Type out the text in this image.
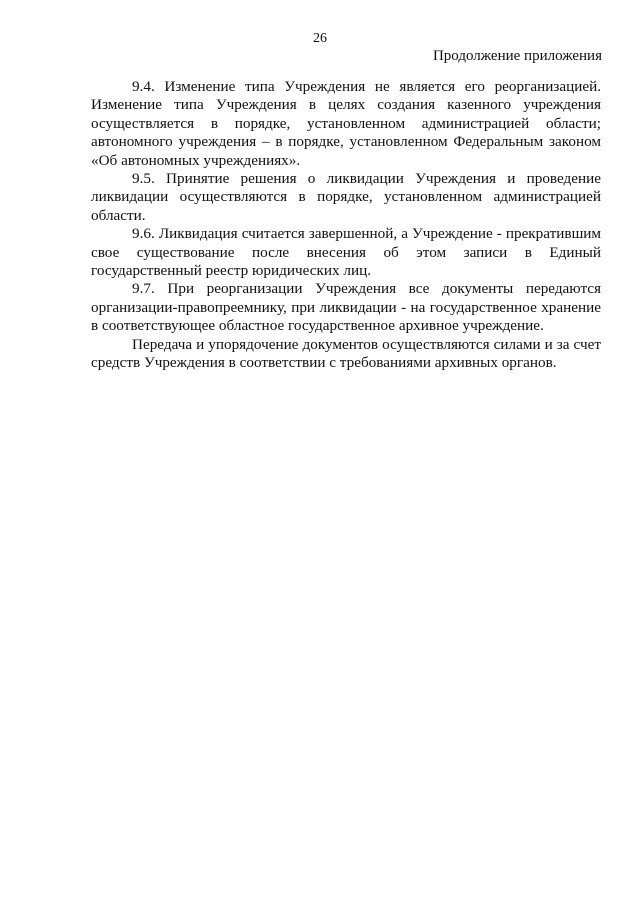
26
Продолжение приложения

9.4. Изменение типа Учреждения не является его реорганизацией. Изменение типа Учреждения в целях создания казенного учреждения осуществляется в порядке, установленном администрацией области; автономного учреждения – в порядке, установленном Федеральным законом «Об автономных учреждениях».

9.5. Принятие решения о ликвидации Учреждения и проведение ликвидации осуществляются в порядке, установленном администрацией области.

9.6. Ликвидация считается завершенной, а Учреждение - прекратившим свое существование после внесения об этом записи в Единый государственный реестр юридических лиц.

9.7. При реорганизации Учреждения все документы передаются организации-правопреемнику, при ликвидации - на государственное хранение в соответствующее областное государственное архивное учреждение.

Передача и упорядочение документов осуществляются силами и за счет средств Учреждения в соответствии с требованиями архивных органов.
